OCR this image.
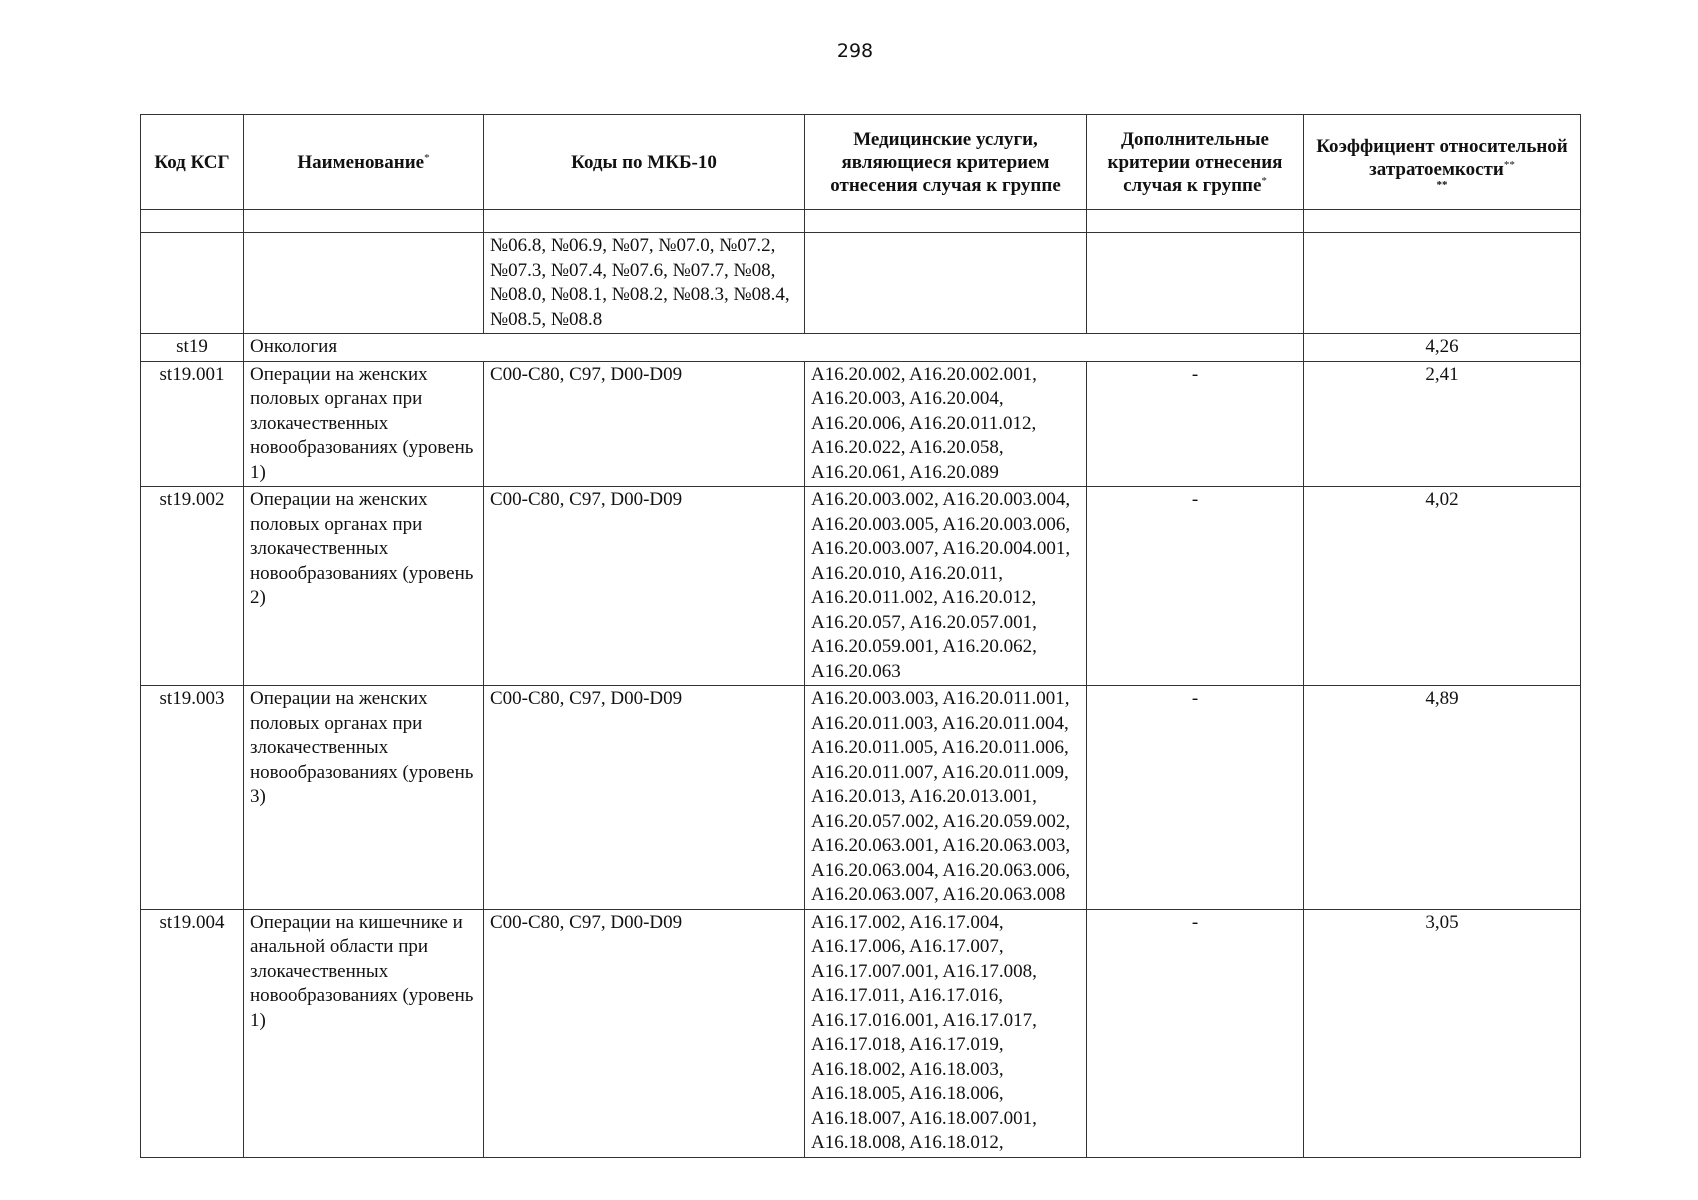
298
Код КСГ	Наименование*	Коды по МКБ-10	Медицинские услуги, являющиеся критерием отнесения случая к группе	Дополнительные критерии отнесения случая к группе*	Коэффициент относительной затратоемкости**
**

		№06.8, №06.9, №07, №07.0, №07.2, №07.3, №07.4, №07.6, №07.7, №08, №08.0, №08.1, №08.2, №08.3, №08.4, №08.5, №08.8			
st19	Онкология				4,26
st19.001	Операции на женских половых органах при злокачественных новообразованиях (уровень 1)	C00-C80, C97, D00-D09	A16.20.002, A16.20.002.001, A16.20.003, A16.20.004, A16.20.006, A16.20.011.012, A16.20.022, A16.20.058, A16.20.061, A16.20.089	-	2,41
st19.002	Операции на женских половых органах при злокачественных новообразованиях (уровень 2)	C00-C80, C97, D00-D09	A16.20.003.002, A16.20.003.004, A16.20.003.005, A16.20.003.006, A16.20.003.007, A16.20.004.001, A16.20.010, A16.20.011, A16.20.011.002, A16.20.012, A16.20.057, A16.20.057.001, A16.20.059.001, A16.20.062, A16.20.063	-	4,02
st19.003	Операции на женских половых органах при злокачественных новообразованиях (уровень 3)	C00-C80, C97, D00-D09	A16.20.003.003, A16.20.011.001, A16.20.011.003, A16.20.011.004, A16.20.011.005, A16.20.011.006, A16.20.011.007, A16.20.011.009, A16.20.013, A16.20.013.001, A16.20.057.002, A16.20.059.002, A16.20.063.001, A16.20.063.003, A16.20.063.004, A16.20.063.006, A16.20.063.007, A16.20.063.008	-	4,89
st19.004	Операции на кишечнике и анальной области при злокачественных новообразованиях (уровень 1)	C00-C80, C97, D00-D09	A16.17.002, A16.17.004, A16.17.006, A16.17.007, A16.17.007.001, A16.17.008, A16.17.011, A16.17.016, A16.17.016.001, A16.17.017, A16.17.018, A16.17.019, A16.18.002, A16.18.003, A16.18.005, A16.18.006, A16.18.007, A16.18.007.001, A16.18.008, A16.18.012,	-	3,05
